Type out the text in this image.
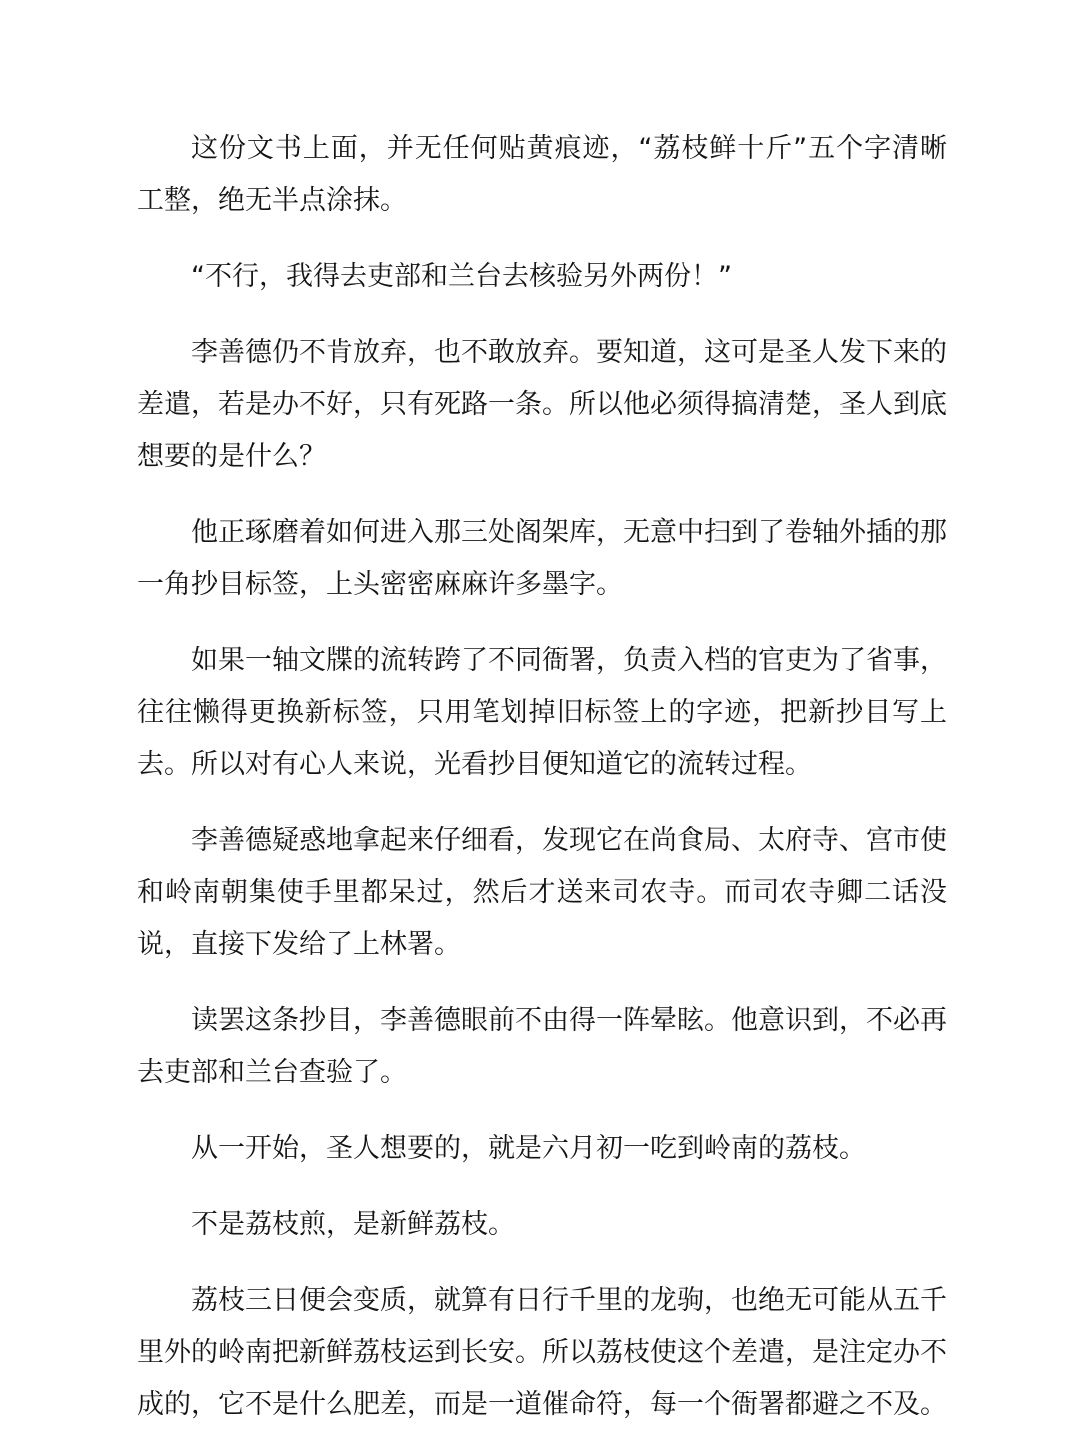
这份文书上面，并无任何贴黄痕迹，“荔枝鲜十斤”五个字清晰工整，绝无半点涂抹。

“不行，我得去吏部和兰台去核验另外两份！”

李善德仍不肯放弃，也不敢放弃。要知道，这可是圣人发下来的差遣，若是办不好，只有死路一条。所以他必须得搞清楚，圣人到底想要的是什么？

他正琢磨着如何进入那三处阁架库，无意中扫到了卷轴外插的那一角抄目标签，上头密密麻麻许多墨字。

如果一轴文牒的流转跨了不同衙署，负责入档的官吏为了省事，往往懒得更换新标签，只用笔划掉旧标签上的字迹，把新抄目写上去。所以对有心人来说，光看抄目便知道它的流转过程。

李善德疑惑地拿起来仔细看，发现它在尚食局、太府寺、宫市使和岭南朝集使手里都呆过，然后才送来司农寺。而司农寺卿二话没说，直接下发给了上林署。

读罢这条抄目，李善德眼前不由得一阵晕眩。他意识到，不必再去吏部和兰台查验了。

从一开始，圣人想要的，就是六月初一吃到岭南的荔枝。

不是荔枝煎，是新鲜荔枝。

荔枝三日便会变质，就算有日行千里的龙驹，也绝无可能从五千里外的岭南把新鲜荔枝运到长安。所以荔枝使这个差遣，是注定办不成的，它不是什么肥差，而是一道催命符，每一个衙署都避之不及。
